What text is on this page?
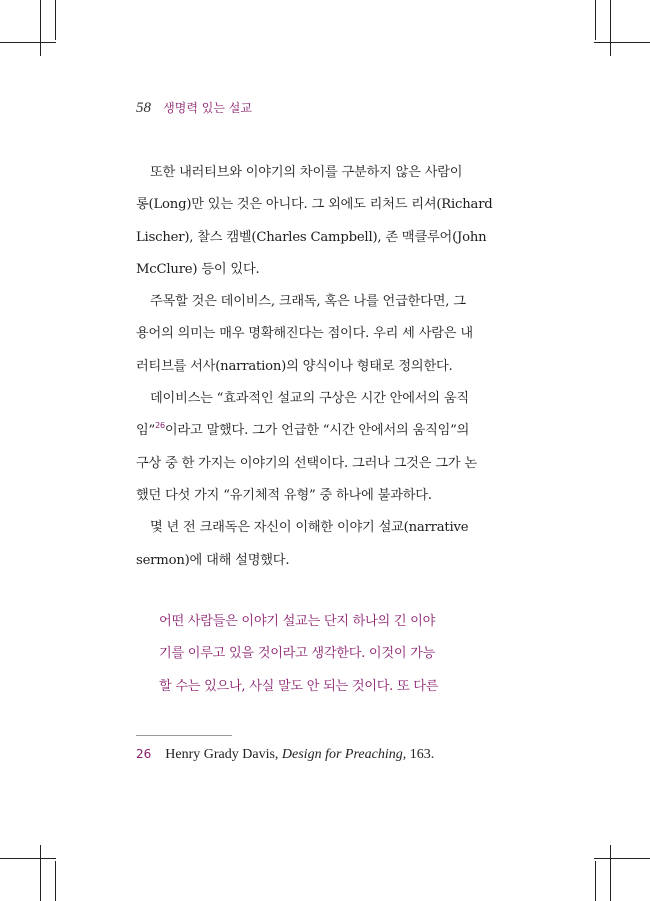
58 생명력 있는 설교
또한 내러티브와 이야기의 차이를 구분하지 않은 사람이
롱(Long)만 있는 것은 아니다. 그 외에도 리처드 리셔(Richard
Lischer), 찰스 캠벨(Charles Campbell), 존 맥클루어(John
McClure) 등이 있다.
주목할 것은 데이비스, 크래독, 혹은 나를 언급한다면, 그
용어의 의미는 매우 명확해진다는 점이다. 우리 세 사람은 내
러티브를 서사(narration)의 양식이나 형태로 정의한다.
데이비스는 “효과적인 설교의 구상은 시간 안에서의 움직
임”$^{26}$이라고 말했다. 그가 언급한 “시간 안에서의 움직임”의
구상 중 한 가지는 이야기의 선택이다. 그러나 그것은 그가 논
했던 다섯 가지 “유기체적 유형” 중 하나에 불과하다.
몇 년 전 크래독은 자신이 이해한 이야기 설교(narrative
sermon)에 대해 설명했다.
어떤 사람들은 이야기 설교는 단지 하나의 긴 이야
기를 이루고 있을 것이라고 생각한다. 이것이 가능
할 수는 있으나, 사실 말도 안 되는 것이다. 또 다른
26 Henry Grady Davis, Design for Preaching, 163.
